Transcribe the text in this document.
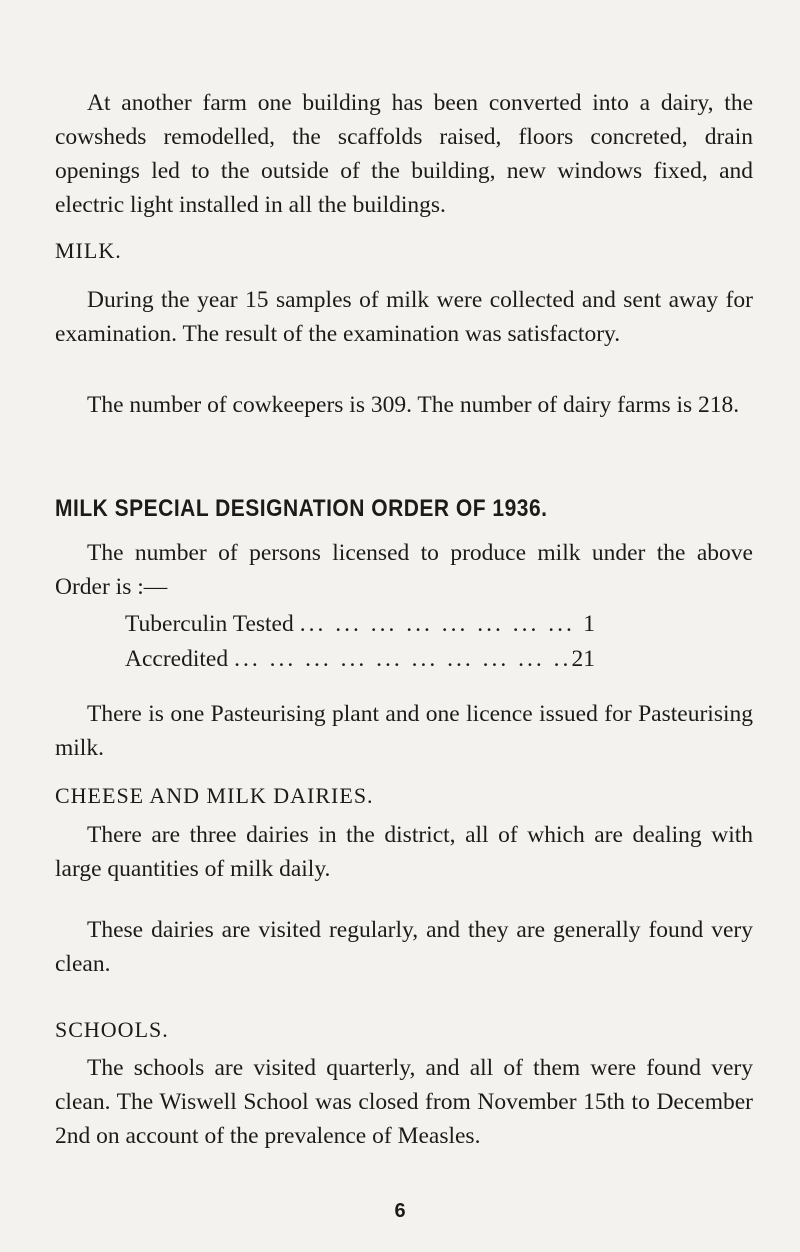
At another farm one building has been converted into a dairy, the cowsheds remodelled, the scaffolds raised, floors concreted, drain openings led to the outside of the building, new windows fixed, and electric light installed in all the buildings.

MILK.

During the year 15 samples of milk were collected and sent away for examination. The result of the examination was satisfactory.

The number of cowkeepers is 309. The number of dairy farms is 218.

MILK SPECIAL DESIGNATION ORDER OF 1936.

The number of persons licensed to produce milk under the above Order is :—

Tuberculin Tested ... .	1
Accredited ... .	21

There is one Pasteurising plant and one licence issued for Pasteurising milk.

CHEESE AND MILK DAIRIES.

There are three dairies in the district, all of which are dealing with large quantities of milk daily.

These dairies are visited regularly, and they are generally found very clean.

SCHOOLS.

The schools are visited quarterly, and all of them were found very clean. The Wiswell School was closed from November 15th to December 2nd on account of the prevalence of Measles.

6
